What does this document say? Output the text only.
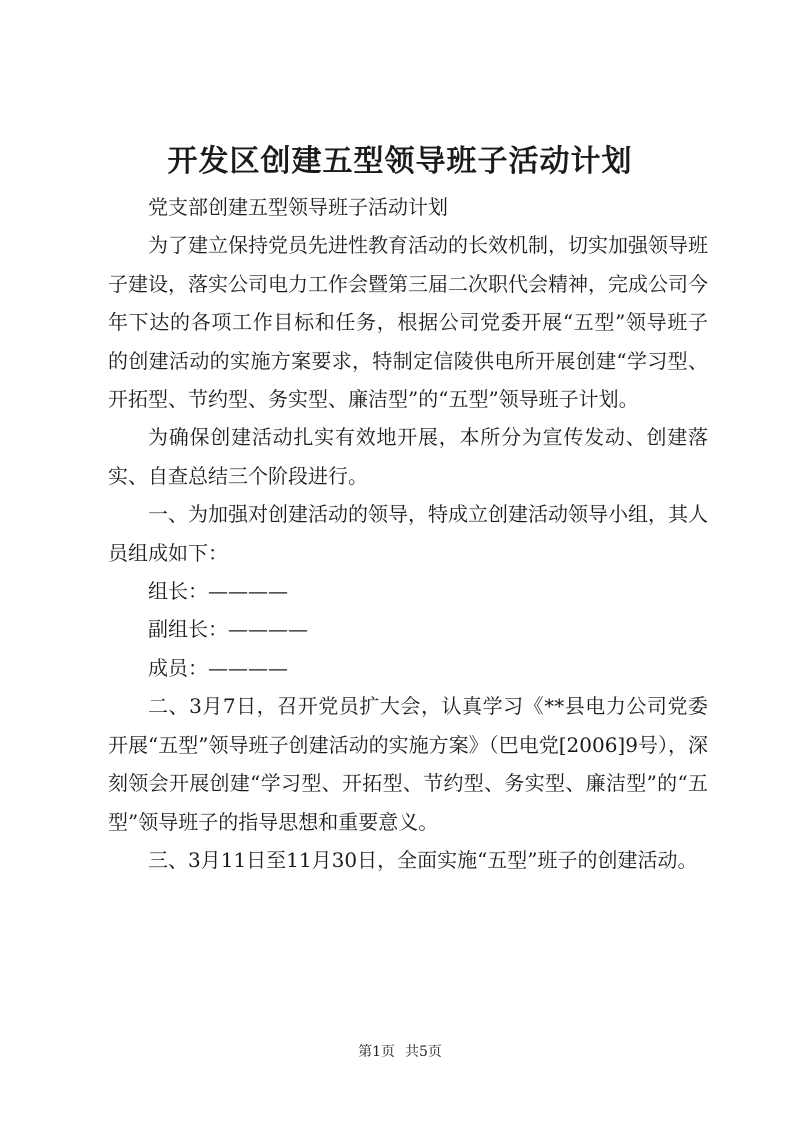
开发区创建五型领导班子活动计划

党支部创建五型领导班子活动计划

为了建立保持党员先进性教育活动的长效机制，切实加强领导班子建设，落实公司电力工作会暨第三届二次职代会精神，完成公司今年下达的各项工作目标和任务，根据公司党委开展“五型”领导班子的创建活动的实施方案要求，特制定信陵供电所开展创建“学习型、开拓型、节约型、务实型、廉洁型”的“五型”领导班子计划。

为确保创建活动扎实有效地开展，本所分为宣传发动、创建落实、自查总结三个阶段进行。

一、为加强对创建活动的领导，特成立创建活动领导小组，其人员组成如下：

组长：————

副组长：————

成员：————

二、3月7日，召开党员扩大会，认真学习《**县电力公司党委开展“五型”领导班子创建活动的实施方案》（巴电党[2006]9号），深刻领会开展创建“学习型、开拓型、节约型、务实型、廉洁型”的“五型”领导班子的指导思想和重要意义。

三、3月11日至11月30日，全面实施“五型”班子的创建活动。

第1页 共5页
